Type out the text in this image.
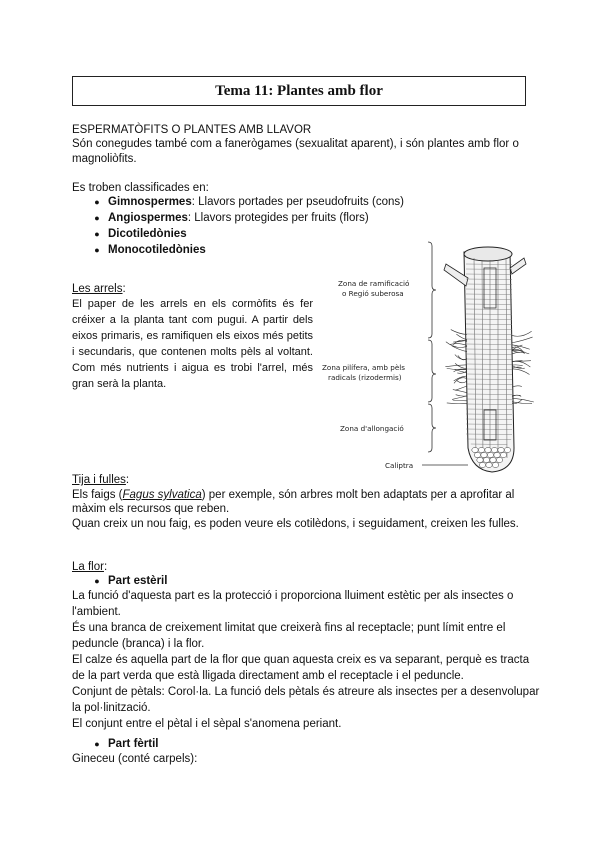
Tema 11: Plantes amb flor
ESPERMATÒFITS O PLANTES AMB LLAVOR
Són conegudes també com a fanerògames (sexualitat aparent), i són plantes amb flor o
magnoliòfits.
Es troben classificades en:
● Gimnospermes : Llavors portades per pseudofruits (cons)
● Angiospermes : Llavors protegides per fruits (flors)
● Dicotiledònies
● Monocotiledònies
Les arrels:
El paper de les arrels en els cormòfits és fer
créixer a la planta tant com pugui. A partir dels
eixos primaris, es ramifiquen els eixos més petits
i secundaris, que contenen molts pèls al voltant.
Com més nutrients i aigua es trobi l'arrel, més
gran serà la planta.
Zona de ramificació
o Regió suberosa
Zona pilífera, amb pèls
radicals (rizodermis)
Zona d'allongació
Caliptra
Tija i fulles:
Els faigs (Fagus sylvatica) per exemple, són arbres molt ben adaptats per a aprofitar al
màxim els recursos que reben.
Quan creix un nou faig, es poden veure els cotilèdons, i seguidament, creixen les fulles.
La flor:
● Part estèril
La funció d'aquesta part es la protecció i proporciona lluiment estètic per als insectes o
l'ambient.
És una branca de creixement limitat que creixerà fins al receptacle; punt límit entre el
peduncle (branca) i la flor.
El calze és aquella part de la flor que quan aquesta creix es va separant, perquè es tracta
de la part verda que està lligada directament amb el receptacle i el peduncle.
Conjunt de pètals: Corol·la. La funció dels pètals és atreure als insectes per a desenvolupar
la pol·linització.
El conjunt entre el pètal i el sèpal s'anomena periant.
● Part fèrtil
Gineceu (conté carpels):
